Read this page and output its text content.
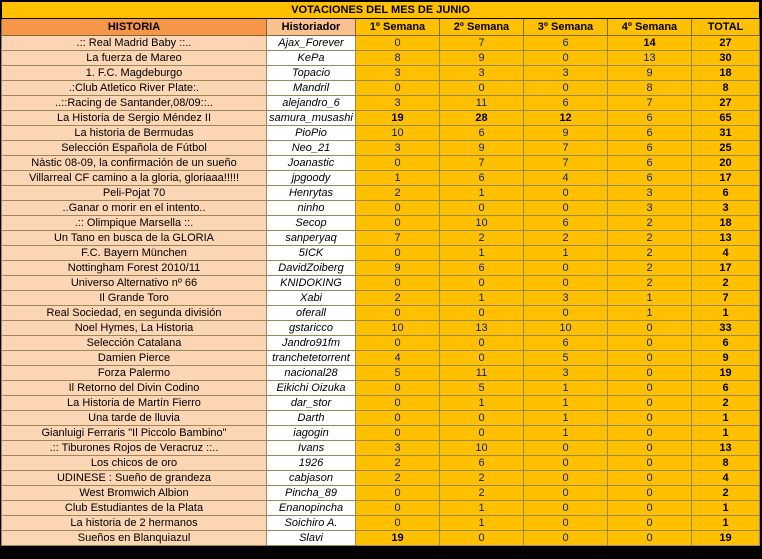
VOTACIONES DEL MES DE JUNIO						
HISTORIA	Historiador	1º Semana	2º Semana	3º Semana	4º Semana	TOTAL
.:: Real Madrid Baby ::..	Ajax_Forever	0	7	6	14	27
La fuerza de Mareo	KePa	8	9	0	13	30
1. F.C. Magdeburgo	Topacio	3	3	3	9	18
.:Club Atletico River Plate:.	Mandril	0	0	0	8	8
..::Racing de Santander,08/09::..	alejandro_6	3	11	6	7	27
La Historia de Sergio Méndez II	samura_musashi	19	28	12	6	65
La historia de Bermudas	PioPio	10	6	9	6	31
Selección Española de Fútbol	Neo_21	3	9	7	6	25
Nàstic 08-09, la confirmación de un sueño	Joanastic	0	7	7	6	20
Villarreal CF camino a la gloria, gloriaaa!!!!!	jpgoody	1	6	4	6	17
Peli-Pojat 70	Henrytas	2	1	0	3	6
..Ganar o morir en el intento..	ninho	0	0	0	3	3
.:: Olimpique Marsella ::.	Secop	0	10	6	2	18
Un Tano en busca de la GLORIA	sanperyaq	7	2	2	2	13
F.C. Bayern München	5ICK	0	1	1	2	4
Nottingham Forest 2010/11	DavidZoiberg	9	6	0	2	17
Universo Alternativo nº 66	KNIDOKING	0	0	0	2	2
Il Grande Toro	Xabi	2	1	3	1	7
Real Sociedad, en segunda división	oferall	0	0	0	1	1
Noel Hymes, La Historia	gstaricco	10	13	10	0	33
Selección Catalana	Jandro91fm	0	0	6	0	6
Damien Pierce	tranchetetorrent	4	0	5	0	9
Forza Palermo	nacional28	5	11	3	0	19
Il Retorno del Divin Codino	Eikichi Oizuka	0	5	1	0	6
La Historia de Martín Fierro	dar_stor	0	1	1	0	2
Una tarde de lluvia	Darth	0	0	1	0	1
Gianluigi Ferraris "Il Piccolo Bambino"	iagogin	0	0	1	0	1
.:: Tiburones Rojos de Veracruz ::..	Ivans	3	10	0	0	13
Los chicos de oro	1926	2	6	0	0	8
UDINESE : Sueño de grandeza	cabjason	2	2	0	0	4
West Bromwich Albion	Pincha_89	0	2	0	0	2
Club Estudiantes de la Plata	Enanopincha	0	1	0	0	1
La historia de 2 hermanos	Soichiro A.	0	1	0	0	1
Sueños en Blanquiazul	Slavi	19	0	0	0	19
